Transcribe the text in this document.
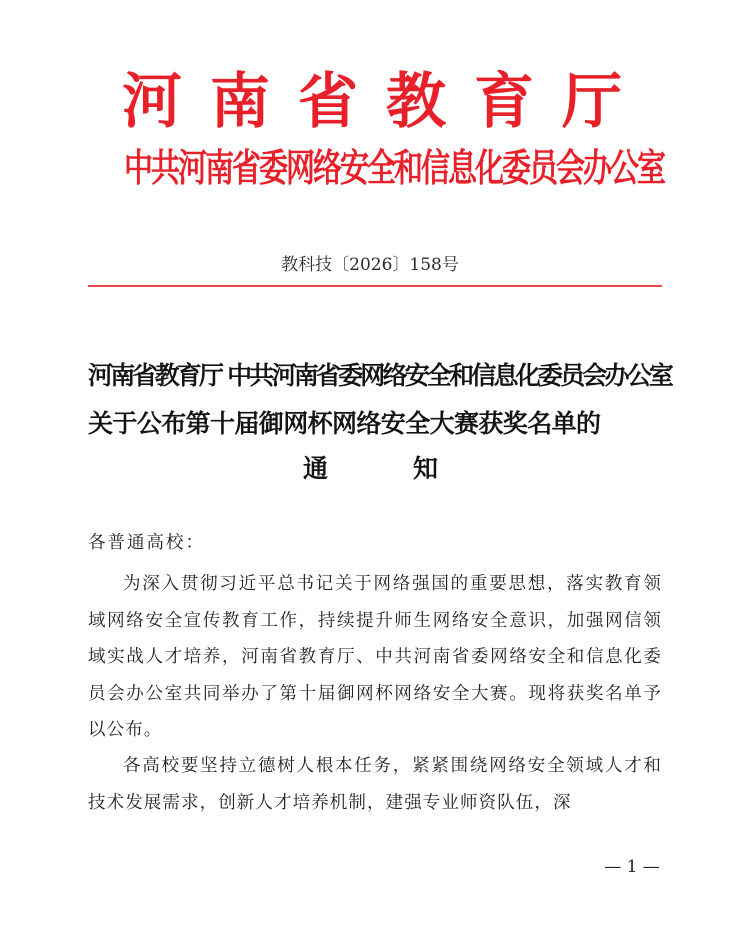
河南省教育厅
中共河南省委网络安全和信息化委员会办公室
教科技〔2026〕158号
河南省教育厅 中共河南省委网络安全和信息化委员会办公室
关于公布第十届御网杯网络安全大赛获奖名单的
通知
各普通高校：

为深入贯彻习近平总书记关于网络强国的重要思想，落实教育领域网络安全宣传教育工作，持续提升师生网络安全意识，加强网信领域实战人才培养，河南省教育厅、中共河南省委网络安全和信息化委员会办公室共同举办了第十届御网杯网络安全大赛。现将获奖名单予以公布。

各高校要坚持立德树人根本任务，紧紧围绕网络安全领域人才和技术发展需求，创新人才培养机制，建强专业师资队伍，深

— 1 —
